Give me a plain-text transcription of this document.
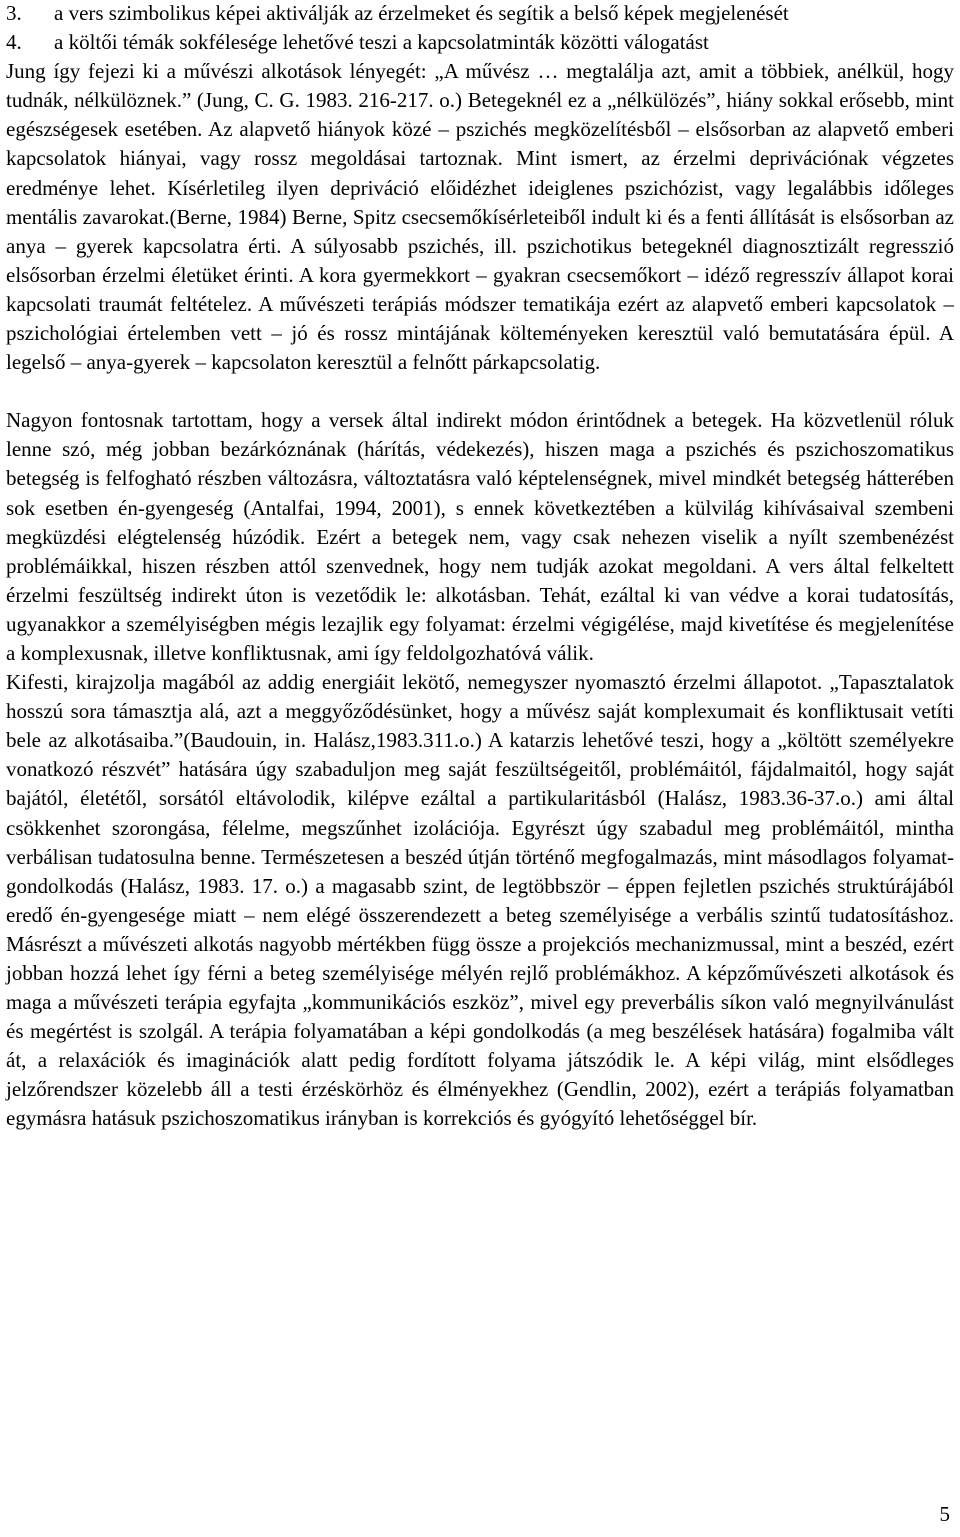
3. a vers szimbolikus képei aktiválják az érzelmeket és segítik a belső képek megjelenését
4. a költői témák sokfélesége lehetővé teszi a kapcsolatminták közötti válogatást

Jung így fejezi ki a művészi alkotások lényegét: „A művész … megtalálja azt, amit a többiek, anélkül, hogy tudnák, nélkülöznek.” (Jung, C. G. 1983. 216-217. o.) Betegeknél ez a „nélkülözés”, hiány sokkal erősebb, mint egészségesek esetében. Az alapvető hiányok közé – pszichés megközelítésből – elsősorban az alapvető emberi kapcsolatok hiányai, vagy rossz megoldásai tartoznak. Mint ismert, az érzelmi deprivációnak végzetes eredménye lehet. Kísérletileg ilyen depriváció előidézhet ideiglenes pszichózist, vagy legalábbis időleges mentális zavarokat.(Berne, 1984) Berne, Spitz csecsemőkísérleteiből indult ki és a fenti állítását is elsősorban az anya – gyerek kapcsolatra érti. A súlyosabb pszichés, ill. pszichotikus betegeknél diagnosztizált regresszió elsősorban érzelmi életüket érinti. A kora gyermekkort – gyakran csecsemőkort – idéző regresszív állapot korai kapcsolati traumát feltételez. A művészeti terápiás módszer tematikája ezért az alapvető emberi kapcsolatok – pszichológiai értelemben vett – jó és rossz mintájának költeményeken keresztül való bemutatására épül. A legelső – anya-gyerek – kapcsolaton keresztül a felnőtt párkapcsolatig.

Nagyon fontosnak tartottam, hogy a versek által indirekt módon érintődnek a betegek. Ha közvetlenül róluk lenne szó, még jobban bezárkóznának (hárítás, védekezés), hiszen maga a pszichés és pszichoszomatikus betegség is felfogható részben változásra, változtatásra való képtelenségnek, mivel mindkét betegség hátterében sok esetben én-gyengeség (Antalfai, 1994, 2001), s ennek következtében a külvilág kihívásaival szembeni megküzdési elégtelenség húzódik. Ezért a betegek nem, vagy csak nehezen viselik a nyílt szembenézést problémáikkal, hiszen részben attól szenvednek, hogy nem tudják azokat megoldani. A vers által felkeltett érzelmi feszültség indirekt úton is vezetődik le: alkotásban. Tehát, ezáltal ki van védve a korai tudatosítás, ugyanakkor a személyiségben mégis lezajlik egy folyamat: érzelmi végigélése, majd kivetítése és megjelenítése a komplexusnak, illetve konfliktusnak, ami így feldolgozhatóvá válik.

Kifesti, kirajzolja magából az addig energiáit lekötő, nemegyszer nyomasztó érzelmi állapotot. „Tapasztalatok hosszú sora támasztja alá, azt a meggyőződésünket, hogy a művész saját komplexumait és konfliktusait vetíti bele az alkotásaiba.”(Baudouin, in. Halász,1983.311.o.) A katarzis lehetővé teszi, hogy a „költött személyekre vonatkozó részvét” hatására úgy szabaduljon meg saját feszültségeitől, problémáitól, fájdalmaitól, hogy saját bajától, életétől, sorsától eltávolodik, kilépve ezáltal a partikularitásból (Halász, 1983.36-37.o.) ami által csökkenhet szorongása, félelme, megszűnhet izolációja. Egyrészt úgy szabadul meg problémáitól, mintha verbálisan tudatosulna benne. Természetesen a beszéd útján történő megfogalmazás, mint másodlagos folyamat-gondolkodás (Halász, 1983. 17. o.) a magasabb szint, de legtöbbször – éppen fejletlen pszichés struktúrájából eredő én-gyengesége miatt – nem elégé összerendezett a beteg személyisége a verbális szintű tudatosításhoz. Másrészt a művészeti alkotás nagyobb mértékben függ össze a projekciós mechanizmussal, mint a beszéd, ezért jobban hozzá lehet így férni a beteg személyisége mélyén rejlő problémákhoz. A képzőművészeti alkotások és maga a művészeti terápia egyfajta „kommunikációs eszköz”, mivel egy preverbális síkon való megnyilvánulást és megértést is szolgál. A terápia folyamatában a képi gondolkodás (a meg beszélések hatására) fogalmiba vált át, a relaxációk és imaginációk alatt pedig fordított folyama játszódik le. A képi világ, mint elsődleges jelzőrendszer közelebb áll a testi érzéskörhöz és élményekhez (Gendlin, 2002), ezért a terápiás folyamatban egymásra hatásuk pszichoszomatikus irányban is korrekciós és gyógyító lehetőséggel bír.

5
